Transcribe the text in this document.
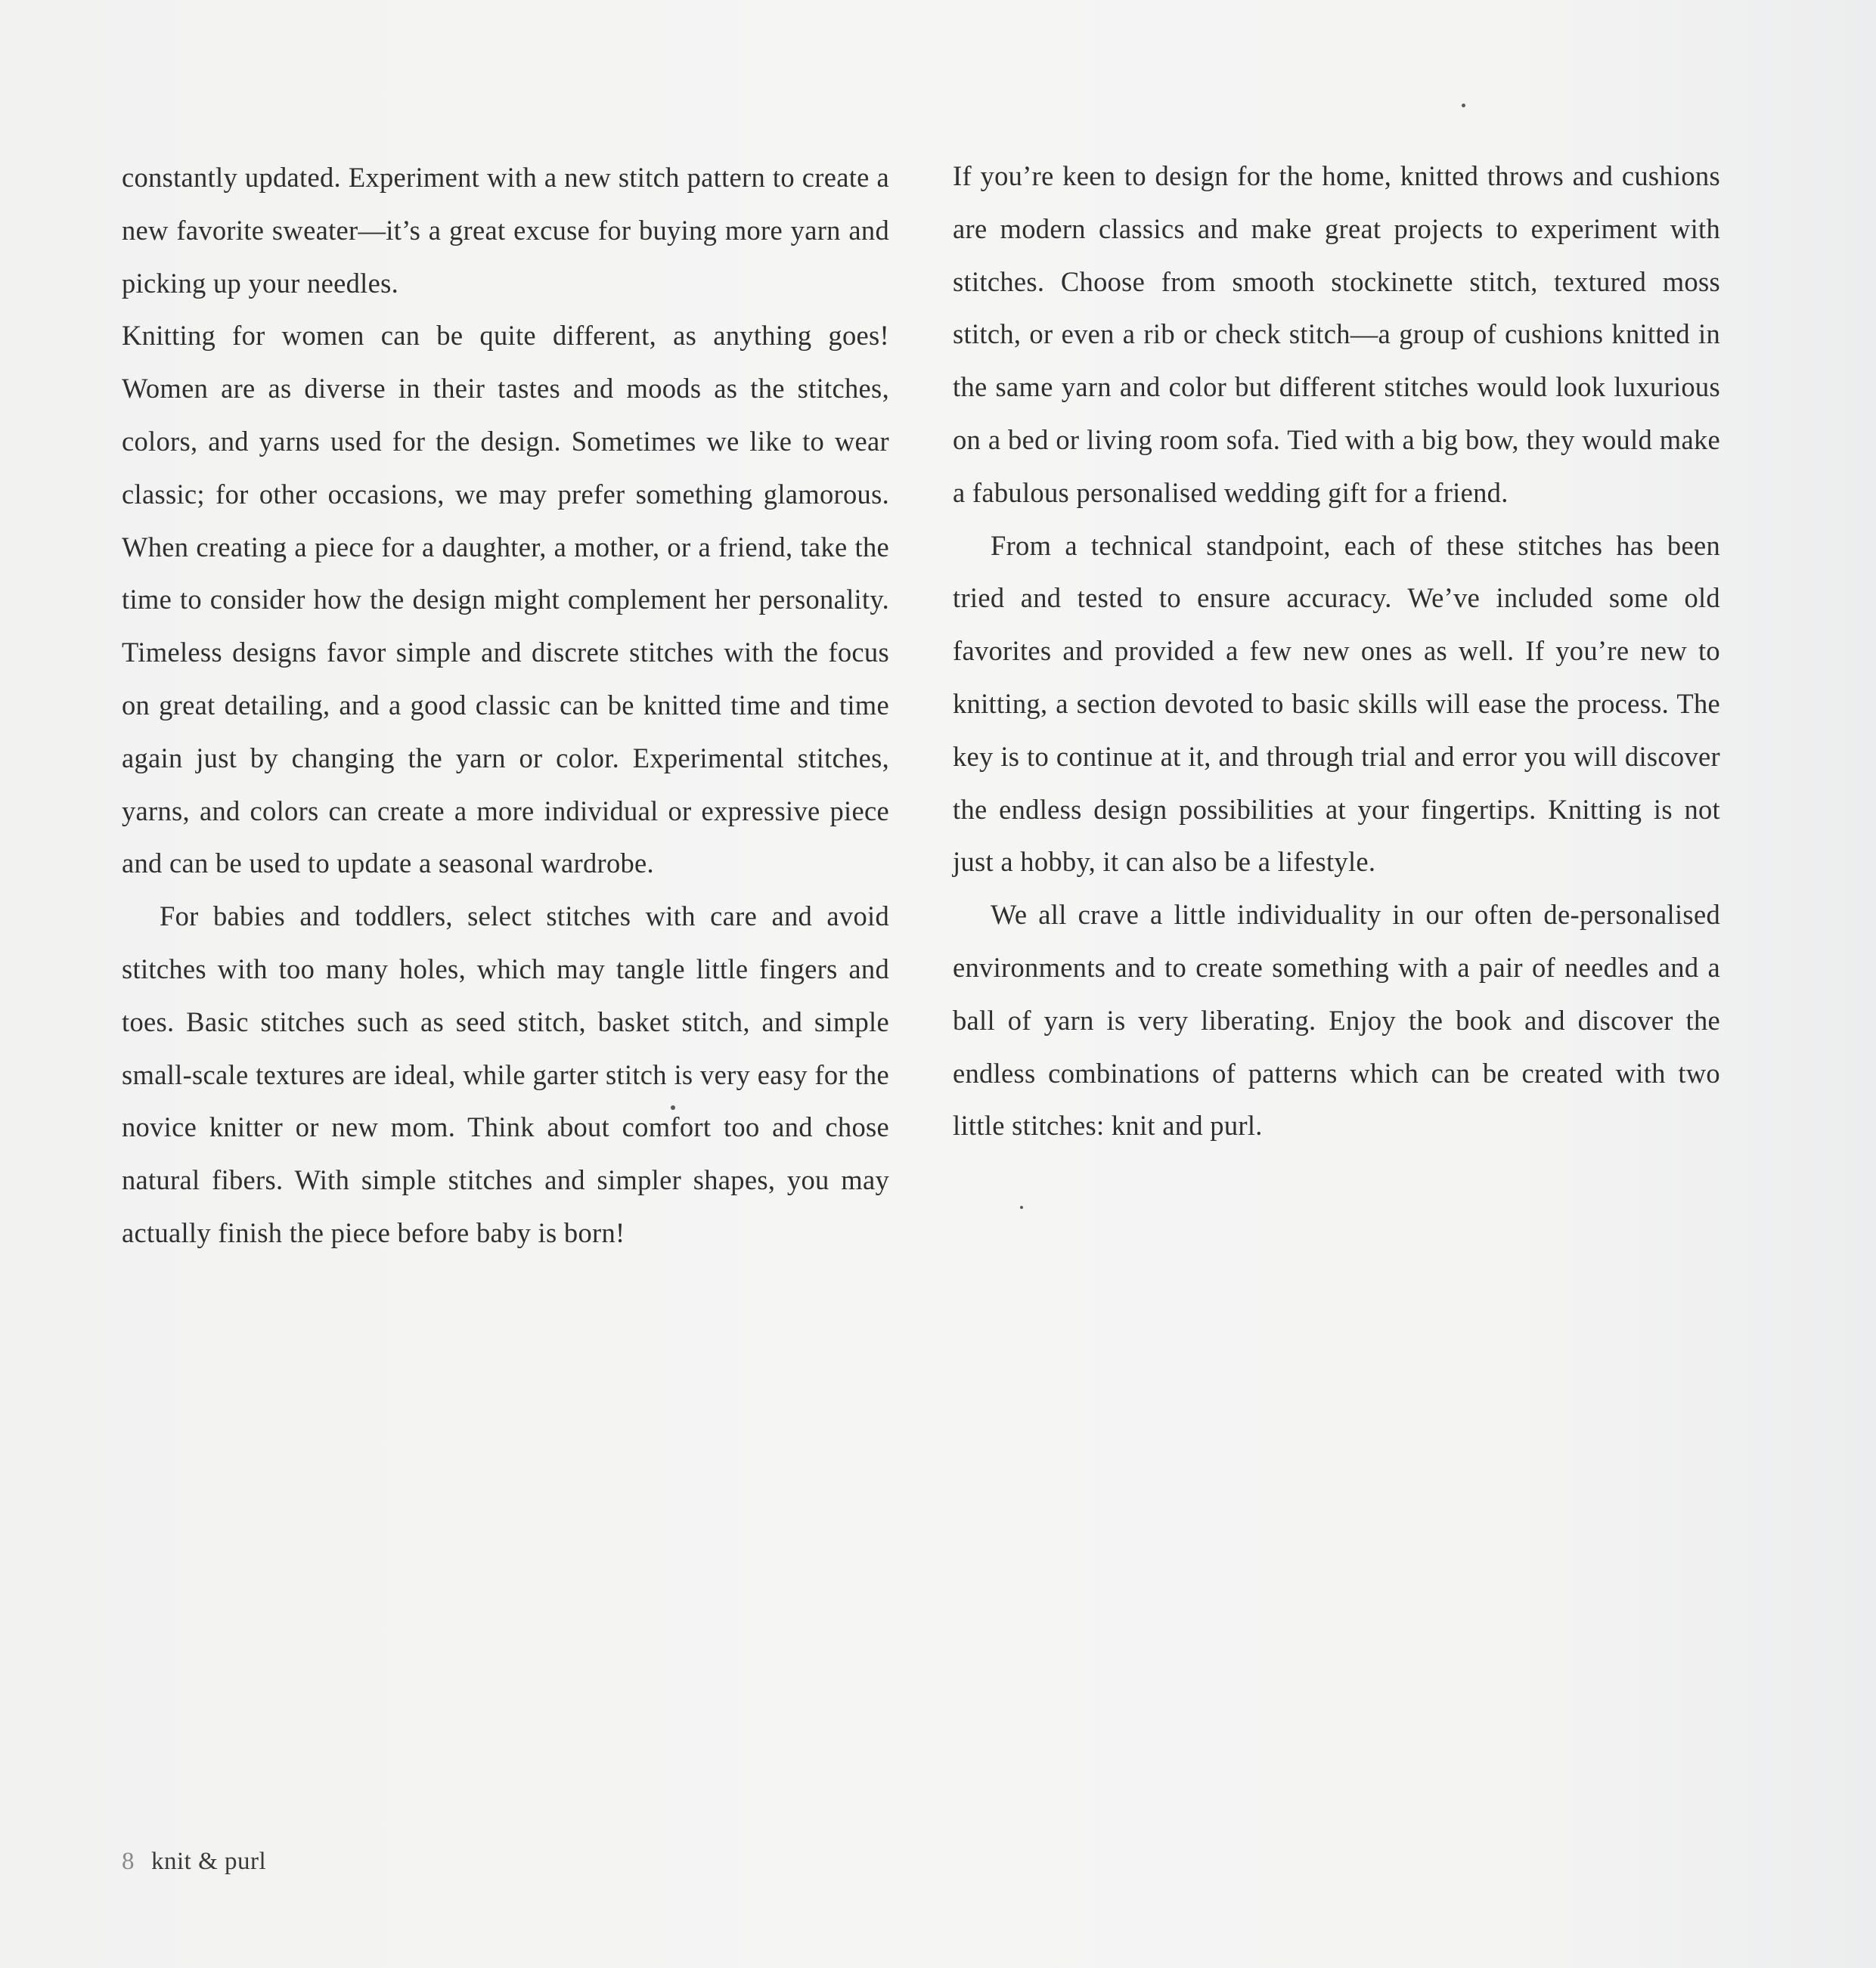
constantly updated. Experiment with a new stitch pattern to create a new favorite sweater—it’s a great excuse for buying more yarn and picking up your needles.

Knitting for women can be quite different, as anything goes! Women are as diverse in their tastes and moods as the stitches, colors, and yarns used for the design. Sometimes we like to wear classic; for other occasions, we may prefer something glamorous. When creating a piece for a daughter, a mother, or a friend, take the time to consider how the design might complement her personality. Timeless designs favor simple and discrete stitches with the focus on great detailing, and a good classic can be knitted time and time again just by changing the yarn or color. Experimental stitches, yarns, and colors can create a more individual or expressive piece and can be used to update a seasonal wardrobe.

For babies and toddlers, select stitches with care and avoid stitches with too many holes, which may tangle little fingers and toes. Basic stitches such as seed stitch, basket stitch, and simple small-scale textures are ideal, while garter stitch is very easy for the novice knitter or new mom. Think about comfort too and chose natural fibers. With simple stitches and simpler shapes, you may actually finish the piece before baby is born!

If you’re keen to design for the home, knitted throws and cushions are modern classics and make great projects to experiment with stitches. Choose from smooth stockinette stitch, textured moss stitch, or even a rib or check stitch—a group of cushions knitted in the same yarn and color but different stitches would look luxurious on a bed or living room sofa. Tied with a big bow, they would make a fabulous personalised wedding gift for a friend.

From a technical standpoint, each of these stitches has been tried and tested to ensure accuracy. We’ve included some old favorites and provided a few new ones as well. If you’re new to knitting, a section devoted to basic skills will ease the process. The key is to continue at it, and through trial and error you will discover the endless design possibilities at your fingertips. Knitting is not just a hobby, it can also be a lifestyle.

We all crave a little individuality in our often de-personalised environments and to create something with a pair of needles and a ball of yarn is very liberating. Enjoy the book and discover the endless combinations of patterns which can be created with two little stitches: knit and purl.

8 knit & purl
